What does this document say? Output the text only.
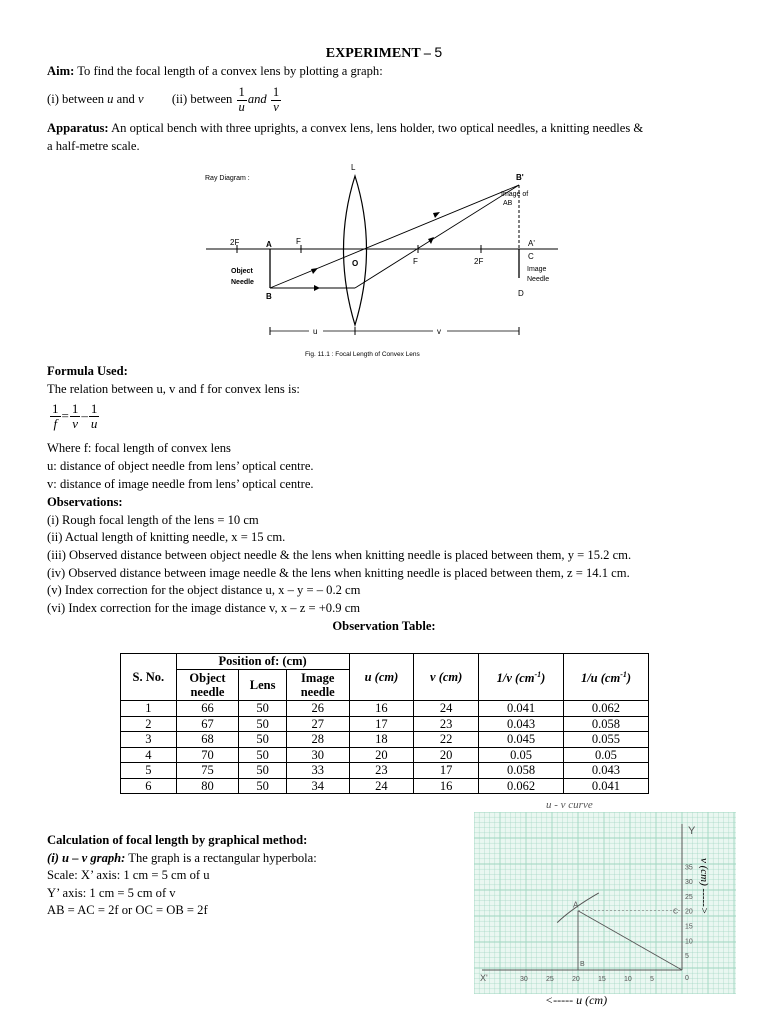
EXPERIMENT – 5
Aim: To find the focal length of a convex lens by plotting a graph:
(i) between u and v (ii) between $\frac{1}{u}$ and $\frac{1}{v}$
Apparatus: An optical bench with three uprights, a convex lens, lens holder, two optical needles, a knitting needles &
a half-metre scale.
Ray Diagram :
L
B'
Image of
AB
2F	A	F
O	F	2F
A'
C
Object
Needle
B
Image
Needle
D
u	v
Fig. 11.1 : Focal Length of Convex Lens
Formula Used:
The relation between u, v and f for convex lens is:
$\frac{1}{f} = \frac{1}{v} - \frac{1}{u}$
Where f: focal length of convex lens
u: distance of object needle from lens’ optical centre.
v: distance of image needle from lens’ optical centre.
Observations:
(i) Rough focal length of the lens = 10 cm
(ii) Actual length of knitting needle, x = 15 cm.
(iii) Observed distance between object needle & the lens when knitting needle is placed between them, y = 15.2 cm.
(iv) Observed distance between image needle & the lens when knitting needle is placed between them, z = 14.1 cm.
(v) Index correction for the object distance u, x – y = – 0.2 cm
(vi) Index correction for the image distance v, x – z = +0.9 cm
Observation Table:
S. No.	Position of: (cm)			u (cm)	v (cm)	1/v $(cm^{-1})$	1/u $(cm^{-1})$
	Object needle	Lens	Image needle				
1	66	50	26	16	24	0.041	0.062
2	67	50	27	17	23	0.043	0.058
3	68	50	28	18	22	0.045	0.055
4	70	50	30	20	20	0.05	0.05
5	75	50	33	23	17	0.058	0.043
6	80	50	34	24	16	0.062	0.041
Calculation of focal length by graphical method:
(i) u – v graph: The graph is a rectangular hyperbola:
Scale: X’ axis: 1 cm = 5 cm of u
Y’ axis: 1 cm = 5 cm of v
AB = AC = 2f or OC = OB = 2f
u - v curve
35
30
25
20
15
10
5
30	25	20	15	10	5	0
X'
Y
A
B
C
<----- u (cm)
v (cm) ----->
